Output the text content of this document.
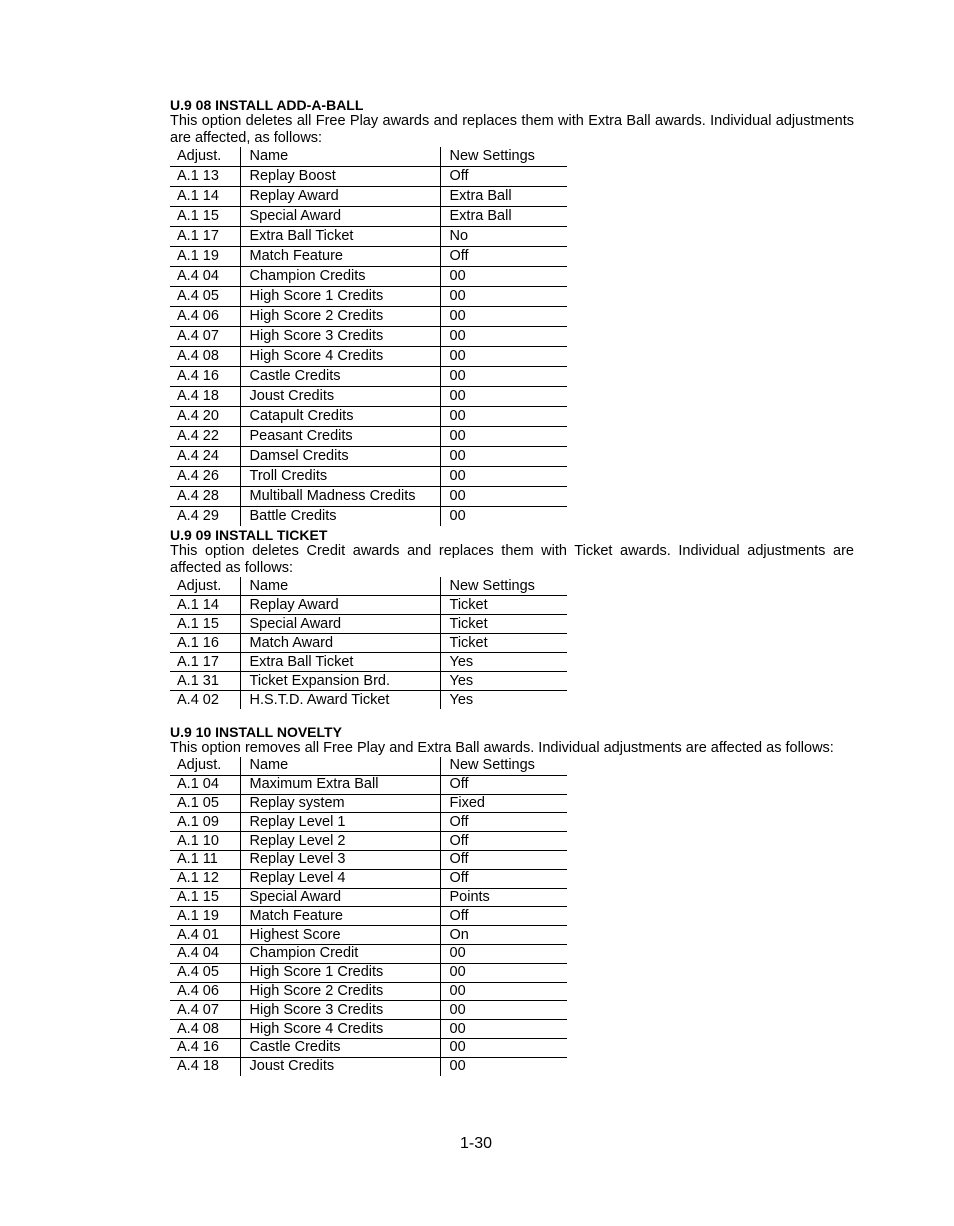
U.9 08 INSTALL ADD-A-BALL

This option deletes all Free Play awards and replaces them with Extra Ball awards. Individual adjustments are affected, as follows:

Adjust.	Name	New Settings
A.1 13	Replay Boost	Off
A.1 14	Replay Award	Extra Ball
A.1 15	Special Award	Extra Ball
A.1 17	Extra Ball Ticket	No
A.1 19	Match Feature	Off
A.4 04	Champion Credits	00
A.4 05	High Score 1 Credits	00
A.4 06	High Score 2 Credits	00
A.4 07	High Score 3 Credits	00
A.4 08	High Score 4 Credits	00
A.4 16	Castle Credits	00
A.4 18	Joust Credits	00
A.4 20	Catapult Credits	00
A.4 22	Peasant Credits	00
A.4 24	Damsel Credits	00
A.4 26	Troll Credits	00
A.4 28	Multiball Madness Credits	00
A.4 29	Battle Credits	00

U.9 09 INSTALL TICKET

This option deletes Credit awards and replaces them with Ticket awards. Individual adjustments are affected as follows:

Adjust.	Name	New Settings
A.1 14	Replay Award	Ticket
A.1 15	Special Award	Ticket
A.1 16	Match Award	Ticket
A.1 17	Extra Ball Ticket	Yes
A.1 31	Ticket Expansion Brd.	Yes
A.4 02	H.S.T.D. Award Ticket	Yes

U.9 10 INSTALL NOVELTY

This option removes all Free Play and Extra Ball awards. Individual adjustments are affected as follows:

Adjust.	Name	New Settings
A.1 04	Maximum Extra Ball	Off
A.1 05	Replay system	Fixed
A.1 09	Replay Level 1	Off
A.1 10	Replay Level 2	Off
A.1 11	Replay Level 3	Off
A.1 12	Replay Level 4	Off
A.1 15	Special Award	Points
A.1 19	Match Feature	Off
A.4 01	Highest Score	On
A.4 04	Champion Credit	00
A.4 05	High Score 1 Credits	00
A.4 06	High Score 2 Credits	00
A.4 07	High Score 3 Credits	00
A.4 08	High Score 4 Credits	00
A.4 16	Castle Credits	00
A.4 18	Joust Credits	00
1-30
